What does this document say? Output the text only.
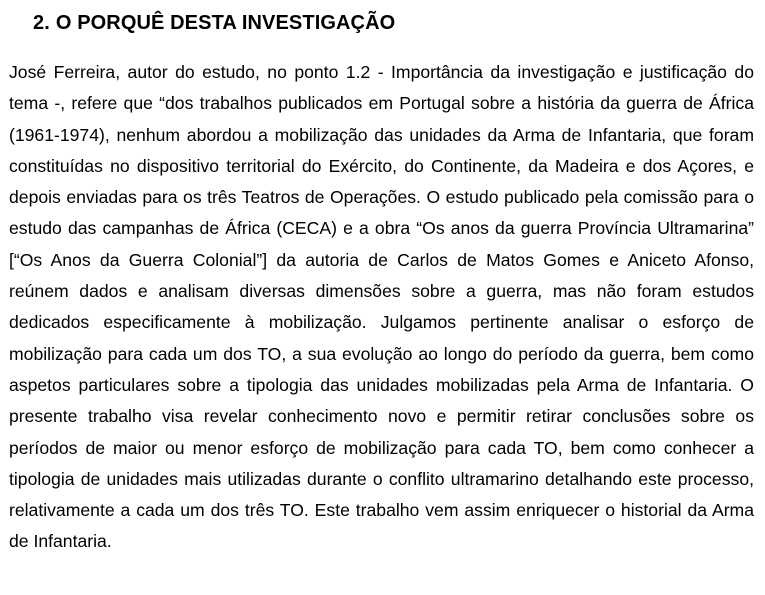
2. O PORQUÊ DESTA INVESTIGAÇÃO

José Ferreira, autor do estudo, no ponto 1.2 - Importância da investigação e justificação do tema -, refere que “dos trabalhos publicados em Portugal sobre a história da guerra de África (1961-1974), nenhum abordou a mobilização das unidades da Arma de Infantaria, que foram constituídas no dispositivo territorial do Exército, do Continente, da Madeira e dos Açores, e depois enviadas para os três Teatros de Operações. O estudo publicado pela comissão para o estudo das campanhas de África (CECA) e a obra “Os anos da guerra Província Ultramarina” [“Os Anos da Guerra Colonial”] da autoria de Carlos de Matos Gomes e Aniceto Afonso, reúnem dados e analisam diversas dimensões sobre a guerra, mas não foram estudos dedicados especificamente à mobilização. Julgamos pertinente analisar o esforço de mobilização para cada um dos TO, a sua evolução ao longo do período da guerra, bem como aspetos particulares sobre a tipologia das unidades mobilizadas pela Arma de Infantaria. O presente trabalho visa revelar conhecimento novo e permitir retirar conclusões sobre os períodos de maior ou menor esforço de mobilização para cada TO, bem como conhecer a tipologia de unidades mais utilizadas durante o conflito ultramarino detalhando este processo, relativamente a cada um dos três TO. Este trabalho vem assim enriquecer o historial da Arma de Infantaria.
